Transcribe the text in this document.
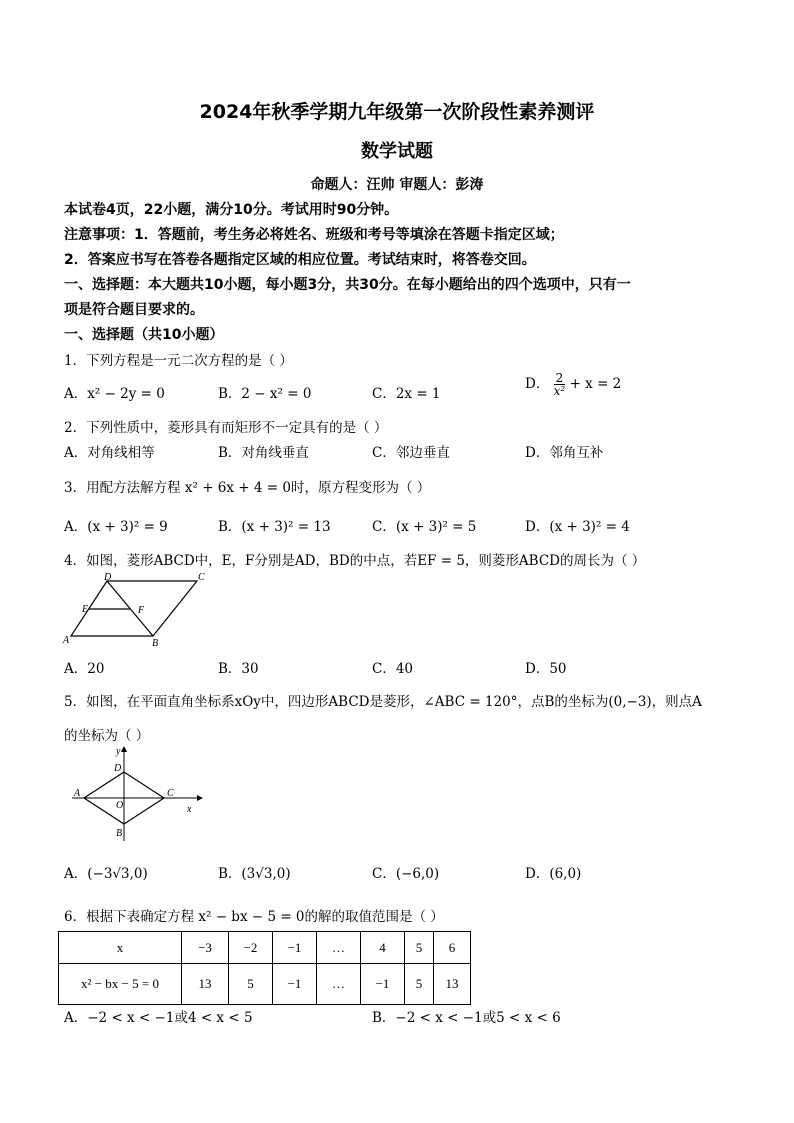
2024年秋季学期九年级第一次阶段性素养测评
数学试题
命题人：汪帅 审题人：彭涛
本试卷4页，22小题，满分10分。考试用时90分钟。
注意事项：1．答题前，考生务必将姓名、班级和考号等填涂在答题卡指定区域；
2．答案应书写在答卷各题指定区域的相应位置。考试结束时，将答卷交回。
一、选择题：本大题共10小题，每小题3分，共30分。在每小题给出的四个选项中，只有一
项是符合题目要求的。
一、选择题（共10小题）
1．下列方程是一元二次方程的是（ ）
A．x² − 2y = 0	B．2 − x² = 0	C．2x = 1
D． $\frac{2}{\text{x²}} + x = 2$
2．下列性质中，菱形具有而矩形不一定具有的是（ ）
A．对角线相等	B．对角线垂直	C．邻边垂直	D．邻角互补
3．用配方法解方程 x² + 6x + 4 = 0时，原方程变形为（ ）
A．(x + 3)² = 9	B．(x + 3)² = 13	C．(x + 3)² = 5	D．(x + 3)² = 4
4．如图，菱形ABCD中，E，F分别是AD，BD的中点，若EF = 5，则菱形ABCD的周长为（ ）
D	C
E	F
A	B
A．20	B．30	C．40	D．50
5．如图，在平面直角坐标系xOy中，四边形ABCD是菱形，∠ABC = 120°，点B的坐标为(0,−3)，则点A
的坐标为（ ）
y
x
D
A	C
O
B
A．(−3√3,0)	B．(3√3,0)	C．(−6,0)	D．(6,0)
6．根据下表确定方程 x² − bx − 5 = 0的解的取值范围是（ ）
x	−3	−2	−1	…	4	5	6
x² − bx − 5 = 0	13	5	−1	…	−1	5	13
A．−2 < x < −1或4 < x < 5	B．−2 < x < −1或5 < x < 6
